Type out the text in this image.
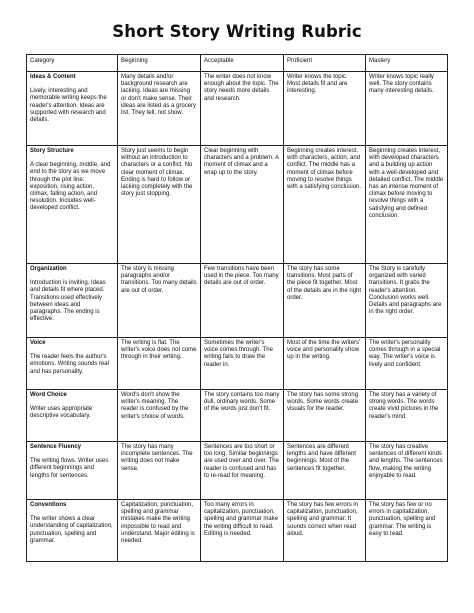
Short Story Writing Rubric
Category	Beginning	Acceptable	Proficient	Mastery

Ideas & Content
Lively, interesting and memorable writing keeps the reader's attention. Ideas are supported with research and details.	Many details and/or background research are lacking. Ideas are missing or don't make sense. Their ideas are listed as a grocery list. They tell, not show.	The writer does not know enough about the topic. The story needs more details and research.	Writer knows the topic. Most details fit and are interesting.	Writer knows topic really well. The story contains many interesting details.

Story Structure
A clear beginning, middle, and end to the story as we move through the plot line: exposition, rising action, climax, falling action, and resolution. Includes well-developed conflict.	Story just seems to begin without an introduction to characters or a conflict. No clear moment of climax. Ending is hard to follow or lacking completely with the story just stopping.	Clear beginning with characters and a problem. A moment of climax and a wrap up to the story.	Beginning creates interest, with characters, action, and conflict. The middle has a moment of climax before moving to resolve things with a satisfying conclusion.	Beginning creates interest, with developed characters and a building up action with a well-developed and detailed conflict. The middle has an intense moment of climax before moving to resolve things with a satisfying and defined conclusion.

Organization
Introduction is inviting. Ideas and details fit where placed. Transitions used effectively between ideas and paragraphs. The ending is effective.	The story is missing paragraphs and/or transitions. Too many details are out of order.	Few transitions have been used in the piece. Too many details are out of order.	The story has some transitions. Most parts of the piece fit together. Most of the details are in the right order.	The Story is carefully organized with varied transitions. It grabs the reader's attention. Conclusion works well. Details and paragraphs are in the right order.

Voice
The reader feels the author's emotions. Writing sounds real and has personality.	The writing is flat. The writer's voice does not come through in their writing.	Sometimes the writer's voice comes through. The writing fails to draw the reader in.	Most of the time the writers' voice and personality show up in the writing.	The writer's personality comes through in a special way. The writer's voice is lively and confident.

Word Choice
Writer uses appropriate descriptive vocabulary.	Word's don't show the writer's meaning. The reader is confused by the writer's choice of words.	The story contains too many dull, ordinary words. Some of the words just don't fit.	The story has some strong words. Some words create visuals for the reader.	The story has a variety of strong words. The words create vivid pictures in the reader's mind.

Sentence Fluency
The writing flows. Writer uses different beginnings and lengths for sentences.	The story has many incomplete sentences. The writing does not make sense.	Sentences are too short or too long. Similar beginnings are used over and over. The reader is confused and has to re-read for meaning.	Sentences are different lengths and have different beginnings. Most of the sentences fit together.	The story has creative sentences of different kinds and lengths. The sentences flow, making the writing enjoyable to read.

Conventions
The writer shows a clear understanding of capitalization, punctuation, spelling and grammar.	Capitalization, punctuation, spelling and grammar mistakes make the writing impossible to read and understand. Major editing is needed.	Too many errors in capitalization, punctuation, spelling and grammar make the writing difficult to read. Editing is needed.	The story has few errors in capitalization, punctuation, spelling and grammar. It sounds correct when read aloud.	The story has few or no errors in capitalization, punctuation, spelling and grammar. The writing is easy to read.
